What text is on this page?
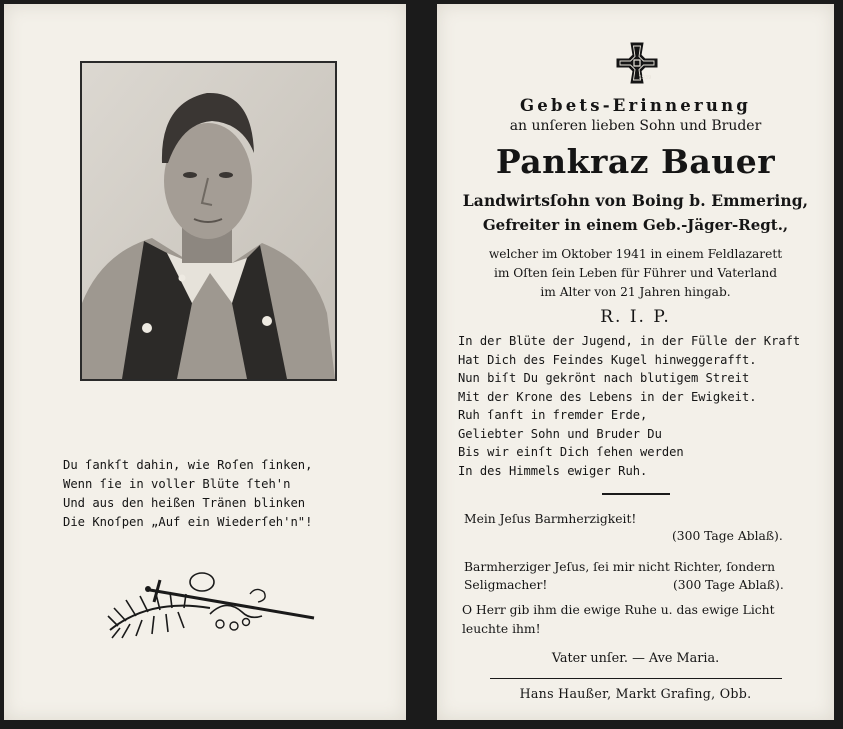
Du ſankſt dahin, wie Roſen ſinken,
Wenn ſie in voller Blüte ſteh'n
Und aus den heißen Tränen blinken
Die Knoſpen „Auf ein Wiederſeh'n"!
1939
Gebets-Erinnerung
an unſeren lieben Sohn und Bruder
Pankraz Bauer
Landwirtsſohn von Boing b. Emmering,
Gefreiter in einem Geb.-Jäger-Regt.,
welcher im Oktober 1941 in einem Feldlazarett
im Oſten ſein Leben für Führer und Vaterland
im Alter von 21 Jahren hingab.
R. I. P.
In der Blüte der Jugend, in der Fülle der Kraft
Hat Dich des Feindes Kugel hinweggerafft.
Nun biſt Du gekrönt nach blutigem Streit
Mit der Krone des Lebens in der Ewigkeit.
Ruh ſanft in fremder Erde,
Geliebter Sohn und Bruder Du
Bis wir einſt Dich ſehen werden
In des Himmels ewiger Ruh.
Mein Jeſus Barmherzigkeit!
(300 Tage Ablaß).
Barmherziger Jeſus, ſei mir nicht Richter, ſondern
Seligmacher!	(300 Tage Ablaß).
O Herr gib ihm die ewige Ruhe u. das ewige Licht
leuchte ihm!
Vater unſer. — Ave Maria.
Hans Haußer, Markt Grafing, Obb.
